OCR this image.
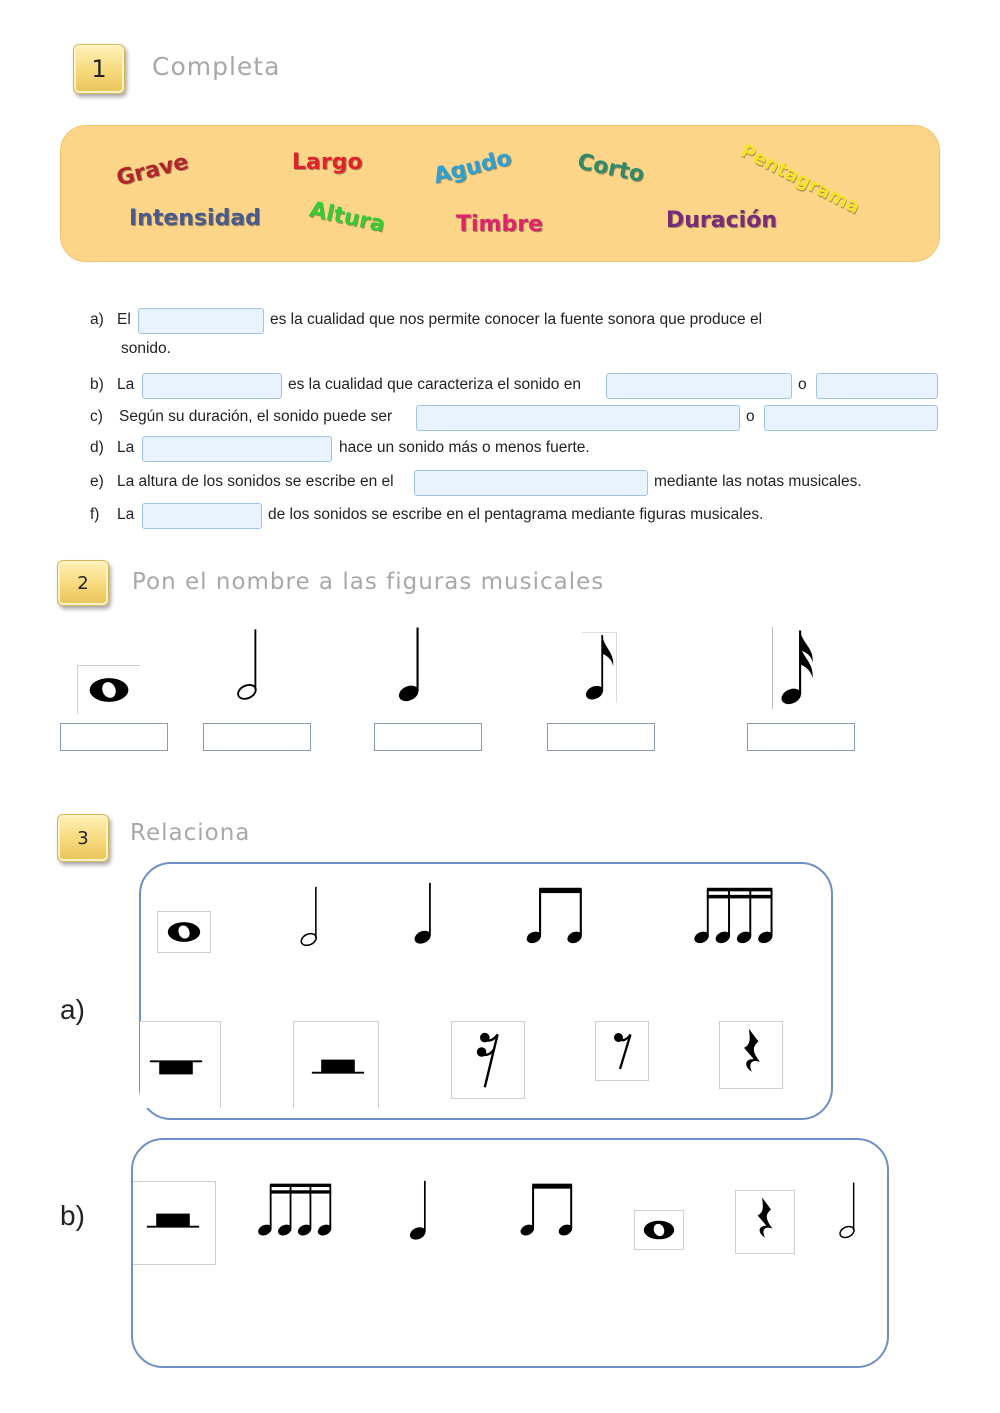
1 Completa
Grave	Largo	Agudo	Corto	Pentagrama
Intensidad Altura	Timbre	Duración
a) El	es la cualidad que nos permite conocer la fuente sonora que produce el
sonido.
b) La	es la cualidad que caracteriza el sonido en	o
c) Según su duración, el sonido puede ser	o
d) La	hace un sonido más o menos fuerte.
e) La altura de los sonidos se escribe en el	mediante las notas musicales.
f) La	de los sonidos se escribe en el pentagrama mediante figuras musicales.
2 Pon el nombre a las figuras musicales
3 Relaciona
a)
b)
